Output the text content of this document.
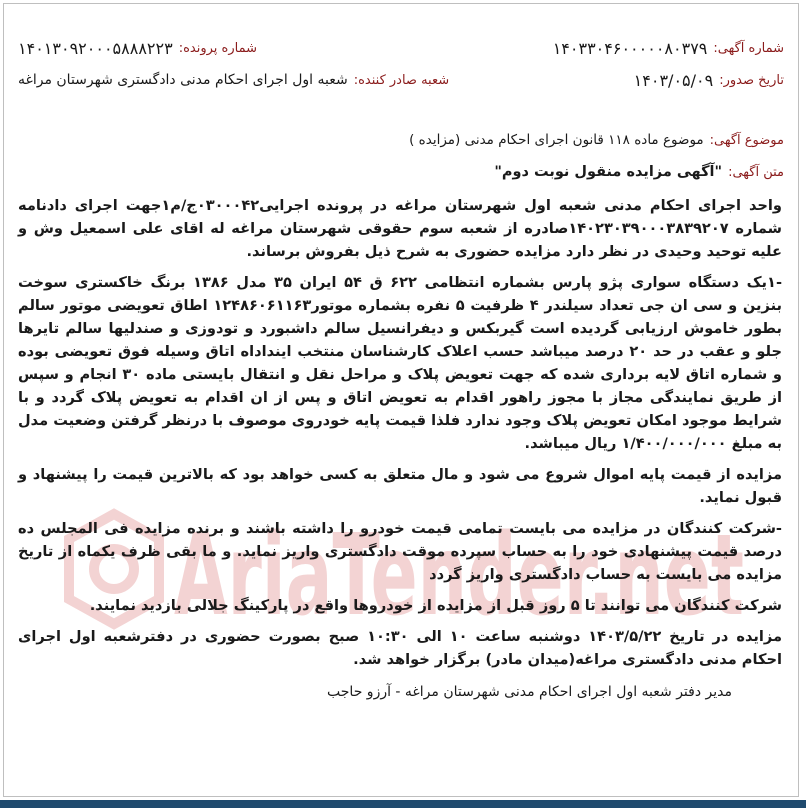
AriaTender.net
شماره آگهی:
۱۴۰۳۳۰۴۶۰۰۰۰۰۸۰۳۷۹
شماره پرونده:
۱۴۰۱۳۰۹۲۰۰۰۵۸۸۸۲۲۳
تاریخ صدور:
۱۴۰۳/۰۵/۰۹
شعبه صادر کننده:
شعبه اول اجرای احکام مدنی دادگستری شهرستان مراغه
موضوع آگهی:
موضوع ماده ۱۱۸ قانون اجرای احکام مدنی (مزایده )
متن آگهی:
"آگهی مزایده منقول نوبت دوم"

واحد اجرای احکام مدنی شعبه اول شهرستان مراغه در پرونده اجرایی۰۳۰۰۰۴۲ج/م۱جهت اجرای دادنامه شماره ۱۴۰۲۳۰۳۹۰۰۰۳۸۳۹۲۰۷صادره از شعبه سوم حقوقی شهرستان مراغه له اقای علی اسمعیل وش و علیه توحید وحیدی در نظر دارد مزایده حضوری به شرح ذیل بفروش برساند.

-۱یک دستگاه سواری پژو پارس بشماره انتظامی ۶۲۲ ق ۵۴ ایران ۳۵ مدل ۱۳۸۶ برنگ خاکستری سوخت بنزین و سی ان جی تعداد سیلندر ۴ ظرفیت ۵ نفره بشماره موتور۱۲۴۸۶۰۶۱۱۶۳ اطاق تعویضی موتور سالم بطور خاموش ارزیابی گردیده است گیربکس و دیفرانسیل سالم داشبورد و تودوزی و صندلیها سالم تایرها جلو و عقب در حد ۲۰ درصد میباشد حسب اعلاک کارشناسان منتخب اینداداه اتاق وسیله فوق تعویضی بوده و شماره اتاق لایه برداری شده که جهت تعویض پلاک و مراحل نقل و انتقال بایستی ماده ۳۰ انجام و سپس از طریق نمایندگی مجاز با مجوز راهور اقدام به تعویض اتاق و پس از ان اقدام به تعویض پلاک گردد و با شرایط موجود امکان تعویض پلاک وجود ندارد فلذا قیمت پایه خودروی موصوف با درنظر گرفتن وضعیت مدل به مبلغ ۱/۴۰۰/۰۰۰/۰۰۰ ریال میباشد.

مزایده از قیمت پایه اموال شروع می شود و مال متعلق به کسی خواهد بود که بالاترین قیمت را پیشنهاد و قبول نماید.

-شرکت کنندگان در مزایده می بایست تمامی قیمت خودرو را داشته باشند و برنده مزایده فی المجلس ده درصد قیمت پیشنهادی خود را به حساب سپرده موقت دادگستری واریز نماید. و ما بقی ظرف یکماه از تاریخ مزایده می بایست به حساب دادگستری واریز گردد

شرکت کنندگان می توانند تا ۵ روز قبل از مزایده از خودروها واقع در پارکینگ جلالی بازدید نمایند.

مزایده در تاریخ ۱۴۰۳/۵/۲۲ دوشنبه ساعت ۱۰ الی ۱۰:۳۰ صبح بصورت حضوری در دفترشعبه اول اجرای احکام مدنی دادگستری مراغه(میدان مادر) برگزار خواهد شد.

مدیر دفتر شعبه اول اجرای احکام مدنی شهرستان مراغه - آرزو حاجب
